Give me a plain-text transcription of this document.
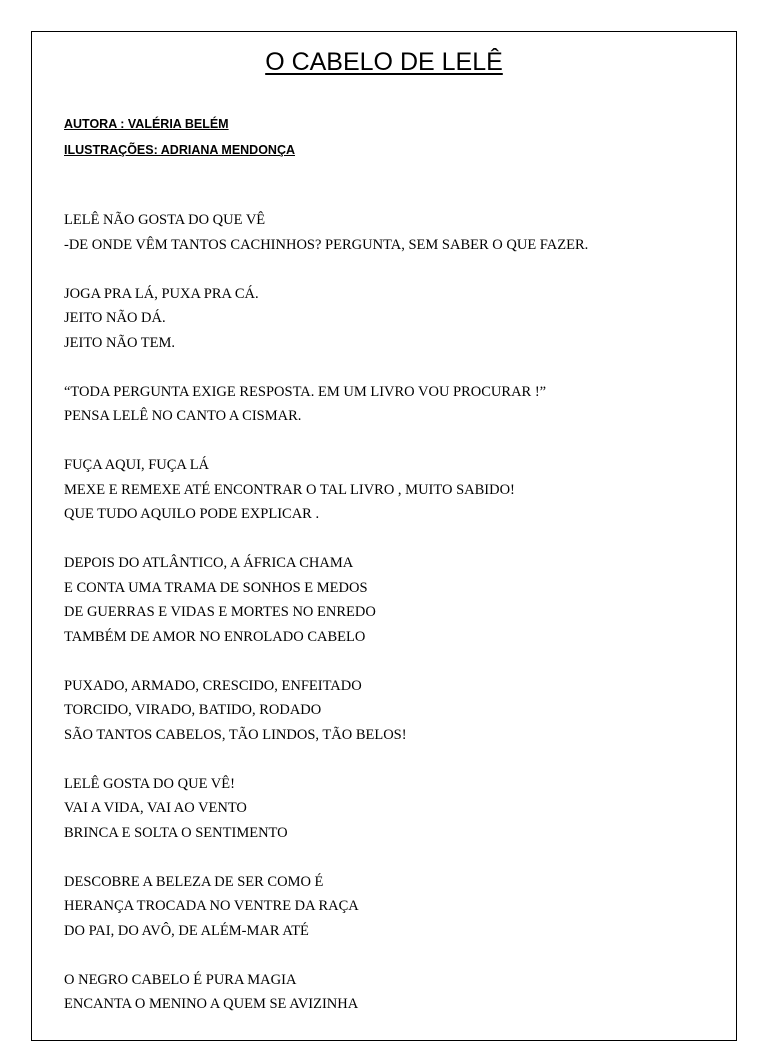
O CABELO DE LELÊ
AUTORA : VALÉRIA BELÉM
ILUSTRAÇÕES: ADRIANA MENDONÇA
LELÊ NÃO GOSTA DO QUE VÊ
-DE ONDE VÊM TANTOS CACHINHOS? PERGUNTA, SEM SABER O QUE FAZER.
JOGA PRA LÁ, PUXA PRA CÁ.
JEITO NÃO DÁ.
JEITO NÃO TEM.
“TODA PERGUNTA EXIGE RESPOSTA. EM UM LIVRO VOU PROCURAR !”
PENSA LELÊ NO CANTO A CISMAR.
FUÇA AQUI, FUÇA LÁ
MEXE E REMEXE ATÉ ENCONTRAR O TAL LIVRO , MUITO SABIDO!
QUE TUDO AQUILO PODE EXPLICAR .
DEPOIS DO ATLÂNTICO, A ÁFRICA CHAMA
E CONTA UMA TRAMA DE SONHOS E MEDOS
DE GUERRAS E VIDAS E MORTES NO ENREDO
TAMBÉM DE AMOR NO ENROLADO CABELO
PUXADO, ARMADO, CRESCIDO, ENFEITADO
TORCIDO, VIRADO, BATIDO, RODADO
SÃO TANTOS CABELOS, TÃO LINDOS, TÃO BELOS!
LELÊ GOSTA DO QUE VÊ!
VAI A VIDA, VAI AO VENTO
BRINCA E SOLTA O SENTIMENTO
DESCOBRE A BELEZA DE SER COMO É
HERANÇA TROCADA NO VENTRE DA RAÇA
DO PAI, DO AVÔ, DE ALÉM-MAR ATÉ
O NEGRO CABELO É PURA MAGIA
ENCANTA O MENINO A QUEM SE AVIZINHA
